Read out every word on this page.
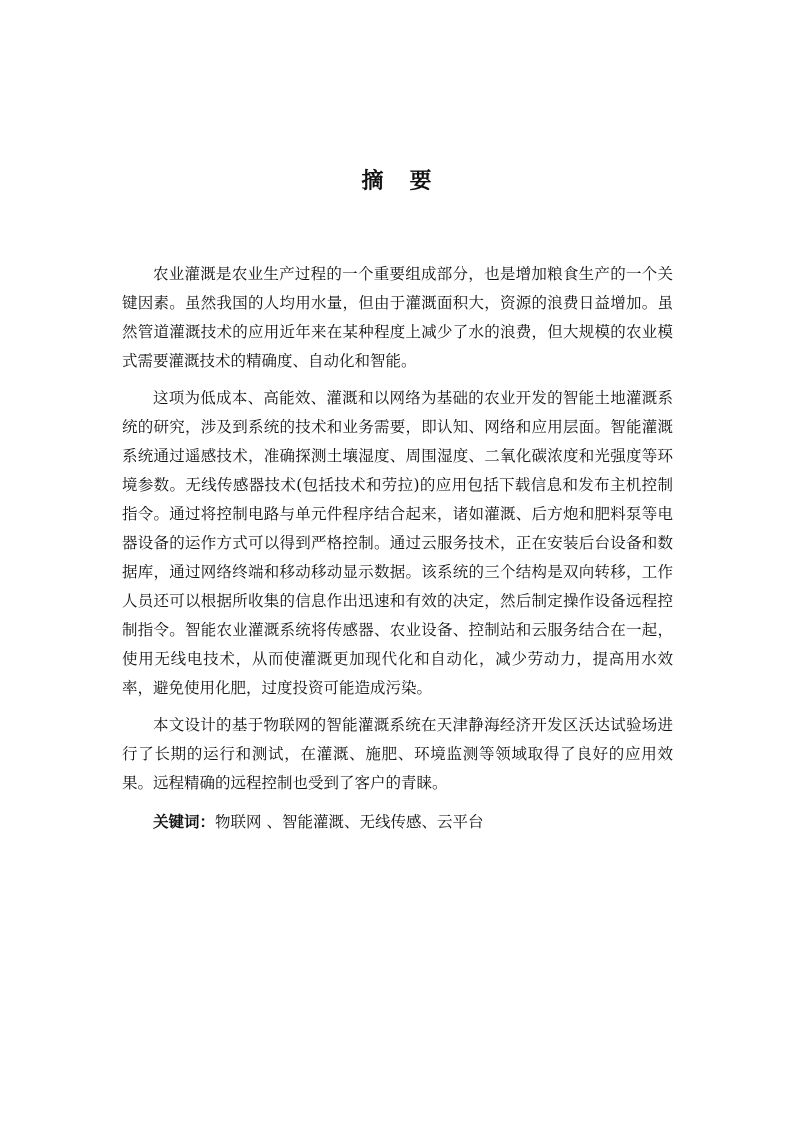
摘 要

农业灌溉是农业生产过程的一个重要组成部分，也是增加粮食生产的一个关键因素。虽然我国的人均用水量，但由于灌溉面积大，资源的浪费日益增加。虽然管道灌溉技术的应用近年来在某种程度上减少了水的浪费，但大规模的农业模式需要灌溉技术的精确度、自动化和智能。

这项为低成本、高能效、灌溉和以网络为基础的农业开发的智能土地灌溉系统的研究，涉及到系统的技术和业务需要，即认知、网络和应用层面。智能灌溉系统通过遥感技术，准确探测土壤湿度、周围湿度、二氧化碳浓度和光强度等环境参数。无线传感器技术(包括技术和劳拉)的应用包括下载信息和发布主机控制指令。通过将控制电路与单元件程序结合起来，诸如灌溉、后方炮和肥料泵等电器设备的运作方式可以得到严格控制。通过云服务技术，正在安装后台设备和数据库，通过网络终端和移动移动显示数据。该系统的三个结构是双向转移，工作人员还可以根据所收集的信息作出迅速和有效的决定，然后制定操作设备远程控制指令。智能农业灌溉系统将传感器、农业设备、控制站和云服务结合在一起，使用无线电技术，从而使灌溉更加现代化和自动化，减少劳动力，提高用水效率，避免使用化肥，过度投资可能造成污染。

本文设计的基于物联网的智能灌溉系统在天津静海经济开发区沃达试验场进行了长期的运行和测试，在灌溉、施肥、环境监测等领域取得了良好的应用效果。远程精确的远程控制也受到了客户的青睐。

关键词：物联网 、智能灌溉、无线传感、云平台
